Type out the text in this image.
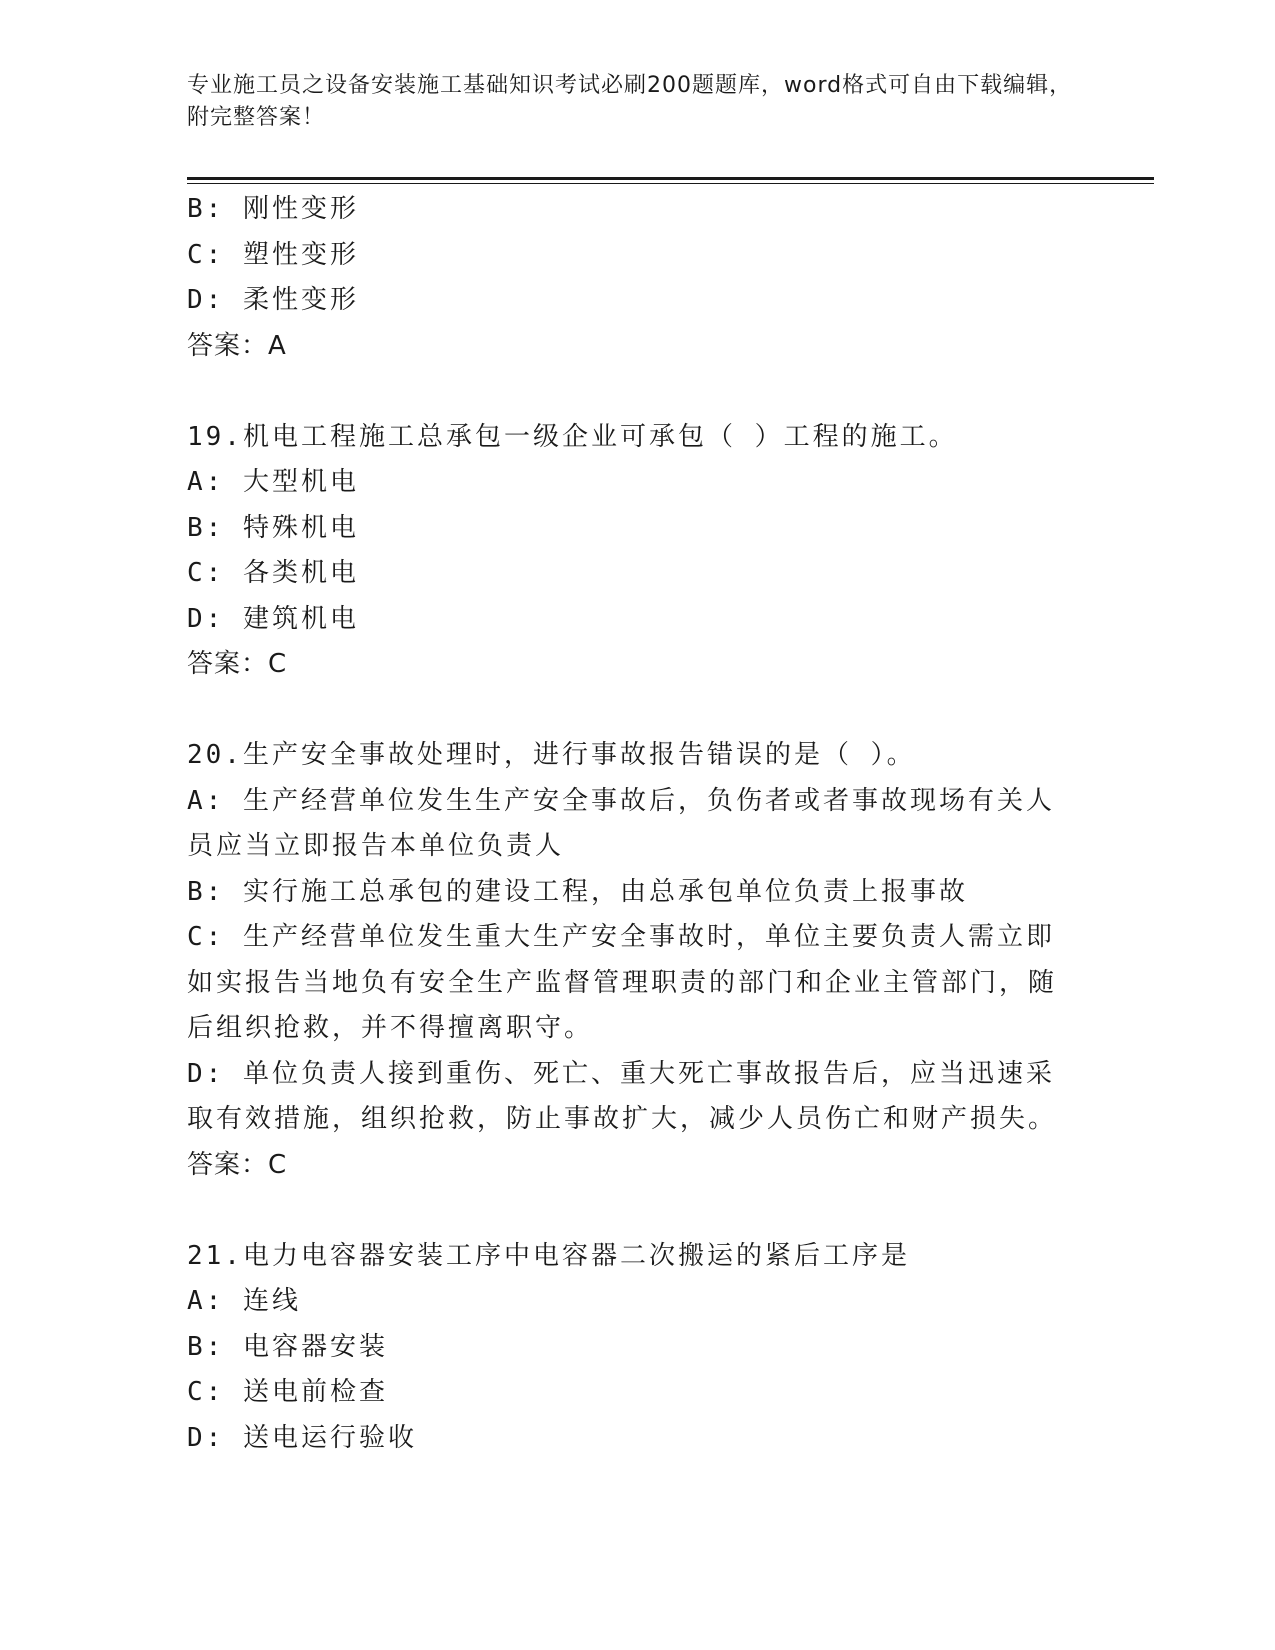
专业施工员之设备安装施工基础知识考试必刷200题题库，word格式可自由下载编辑，附完整答案！
B: 刚性变形
C: 塑性变形
D: 柔性变形
答案：A
19.机电工程施工总承包一级企业可承包（ ）工程的施工。
A: 大型机电
B: 特殊机电
C: 各类机电
D: 建筑机电
答案：C
20.生产安全事故处理时，进行事故报告错误的是（ ）。
A: 生产经营单位发生生产安全事故后，负伤者或者事故现场有关人员应当立即报告本单位负责人
B: 实行施工总承包的建设工程，由总承包单位负责上报事故
C: 生产经营单位发生重大生产安全事故时，单位主要负责人需立即如实报告当地负有安全生产监督管理职责的部门和企业主管部门，随后组织抢救，并不得擅离职守。
D: 单位负责人接到重伤、死亡、重大死亡事故报告后，应当迅速采取有效措施，组织抢救，防止事故扩大，减少人员伤亡和财产损失。
答案：C
21.电力电容器安装工序中电容器二次搬运的紧后工序是
A: 连线
B: 电容器安装
C: 送电前检查
D: 送电运行验收
